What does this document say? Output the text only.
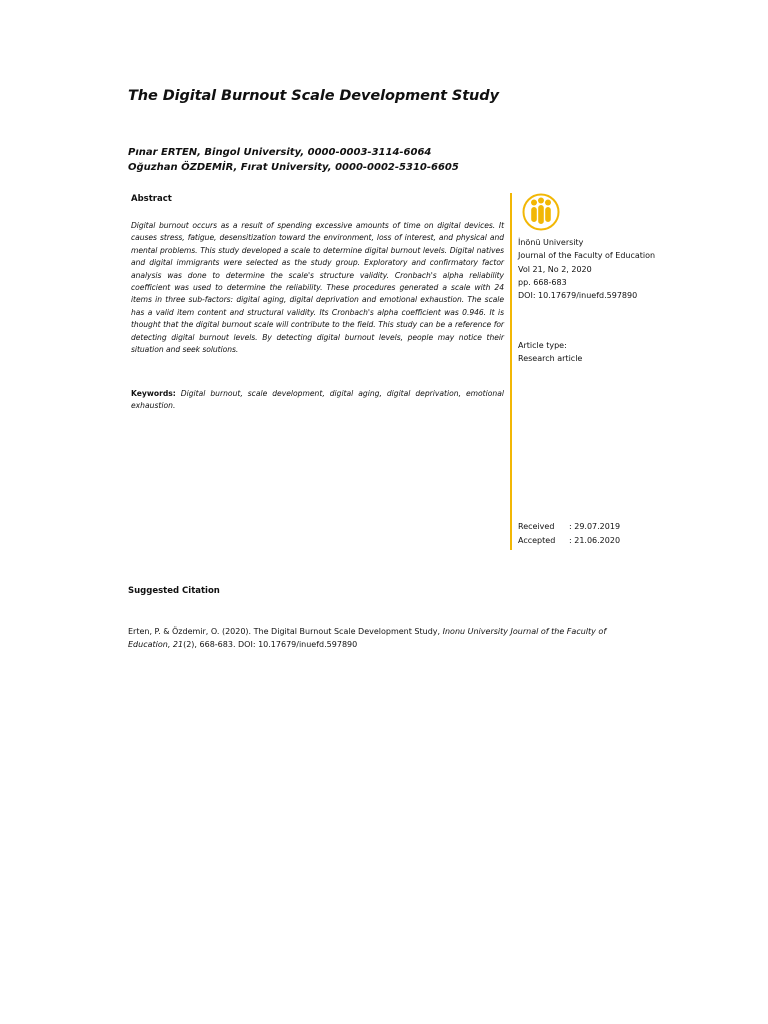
The Digital Burnout Scale Development Study
Pınar ERTEN, Bingol University, 0000-0003-3114-6064
Oğuzhan ÖZDEMİR, Fırat University, 0000-0002-5310-6605
Abstract
Digital burnout occurs as a result of spending excessive amounts of time on digital devices. It causes stress, fatigue, desensitization toward the environment, loss of interest, and physical and mental problems. This study developed a scale to determine digital burnout levels. Digital natives and digital immigrants were selected as the study group. Exploratory and confirmatory factor analysis was done to determine the scale's structure validity. Cronbach's alpha reliability coefficient was used to determine the reliability. These procedures generated a scale with 24 items in three sub-factors: digital aging, digital deprivation and emotional exhaustion. The scale has a valid item content and structural validity. Its Cronbach's alpha coefficient was 0.946. It is thought that the digital burnout scale will contribute to the field. This study can be a reference for detecting digital burnout levels. By detecting digital burnout levels, people may notice their situation and seek solutions.
Keywords: Digital burnout, scale development, digital aging, digital deprivation, emotional exhaustion.
İnönü University
Journal of the Faculty of Education
Vol 21, No 2, 2020
pp. 668-683
DOI: 10.17679/inuefd.597890
Article type:
Research article
Received	: 29.07.2019
Accepted	: 21.06.2020
Suggested Citation
Erten, P. & Özdemir, O. (2020). The Digital Burnout Scale Development Study, Inonu University Journal of the Faculty of Education, 21(2), 668-683. DOI: 10.17679/inuefd.597890
